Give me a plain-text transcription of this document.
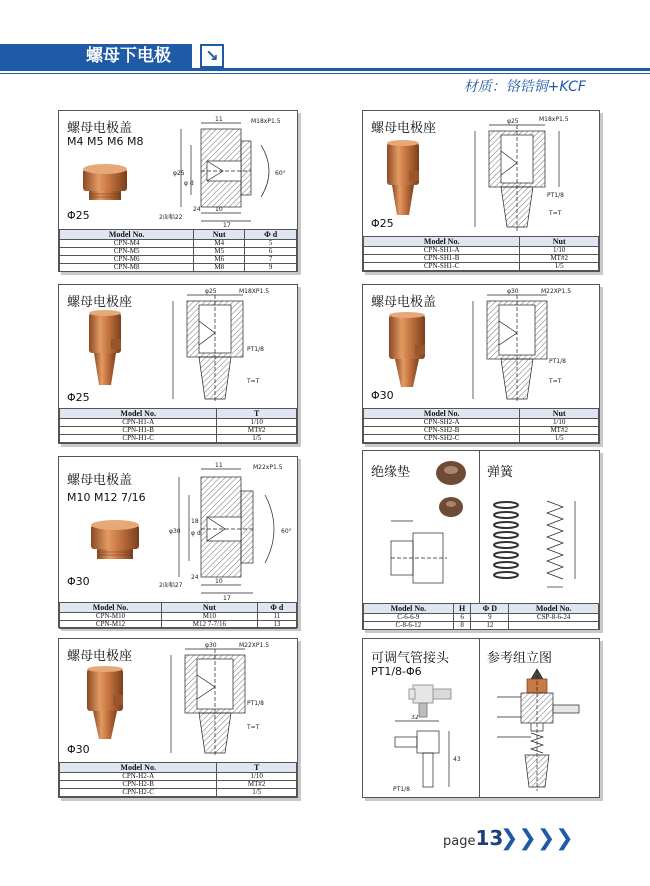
螺母下电极	↘
材质：铬锆铜+KCF
螺母电极盖
M4 M5 M6 M8
Φ25
11	M18xP1.5
60°
φ25
φ d
10
17
2面幅22
24
Model No.	Nut	Φ d
CPN-M4	M4	5
CPN-M5	M5	6
CPN-M6	M6	7
CPN-M8	M8	9
螺母电极座
Φ25
φ25	M18xP1.5
PT1/8
T=T
Model No.	Nut
CPN-SH1-A	1/10
CPN-SH1-B	MT#2
CPN-SH1-C	1/5
螺母电极座
Φ25
φ25	M18XP1.5
PT1/8
T=T
Model No.	T
CPN-H1-A	1/10
CPN-H1-B	MT#2
CPN-H1-C	1/5
螺母电极盖
Φ30
φ30	M22XP1.5
PT1/8
T=T
Model No.	Nut
CPN-SH2-A	1/10
CPN-SH2-B	MT#2
CPN-SH2-C	1/5
螺母电极盖
M10 M12 7/16
Φ30
11	M22xP1.5
60°
φ30 φ d
18
10
17
2面幅27
24
Model No.	Nut	Φ d
CPN-M10	M10	11
CPN-M12	M12 7-7/16	13
绝缘垫	弹簧
Model No.	H	Φ D	Model No.
C-6-6-9	6	9	CSP-8-6-24
C-8-6-12	8	12	
螺母电极座
Φ30
φ30	M22XP1.5
PT1/8
T=T
Model No.	T
CPN-H2-A	1/10
CPN-H2-B	MT#2
CPN-H2-C	1/5
可调气管接头
PT1/8-Φ6
参考组立图
32
43
PT1/8
page13
❯❯❯❯
